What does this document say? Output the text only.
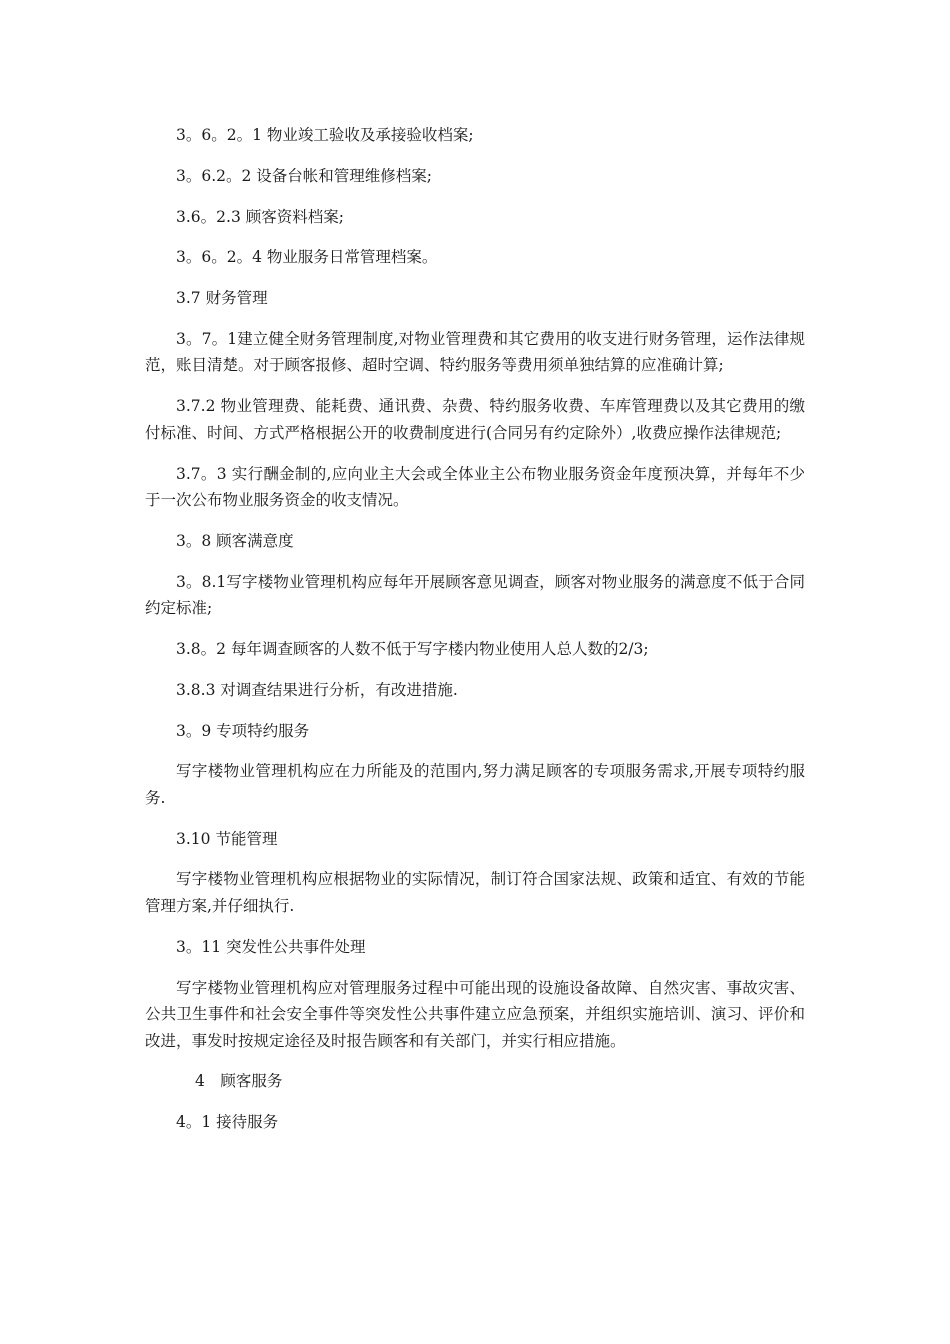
3。6。2。1 物业竣工验收及承接验收档案;

3。6.2。2 设备台帐和管理维修档案;

3.6。2.3 顾客资料档案;

3。6。2。4 物业服务日常管理档案。

3.7 财务管理

3。7。1建立健全财务管理制度,对物业管理费和其它费用的收支进行财务管理，运作法律规范，账目清楚。对于顾客报修、超时空调、特约服务等费用须单独结算的应准确计算;

3.7.2 物业管理费、能耗费、通讯费、杂费、特约服务收费、车库管理费以及其它费用的缴付标准、时间、方式严格根据公开的收费制度进行(合同另有约定除外）,收费应操作法律规范;

3.7。3 实行酬金制的,应向业主大会或全体业主公布物业服务资金年度预决算，并每年不少于一次公布物业服务资金的收支情况。

3。8 顾客满意度

3。8.1写字楼物业管理机构应每年开展顾客意见调查，顾客对物业服务的满意度不低于合同约定标准;

3.8。2 每年调查顾客的人数不低于写字楼内物业使用人总人数的2/3;

3.8.3 对调查结果进行分析，有改进措施.

3。9 专项特约服务

写字楼物业管理机构应在力所能及的范围内,努力满足顾客的专项服务需求,开展专项特约服务.

3.10 节能管理

写字楼物业管理机构应根据物业的实际情况，制订符合国家法规、政策和适宜、有效的节能管理方案,并仔细执行.

3。11 突发性公共事件处理

写字楼物业管理机构应对管理服务过程中可能出现的设施设备故障、自然灾害、事故灾害、公共卫生事件和社会安全事件等突发性公共事件建立应急预案，并组织实施培训、演习、评价和改进，事发时按规定途径及时报告顾客和有关部门，并实行相应措施。

4　顾客服务

4。1 接待服务
